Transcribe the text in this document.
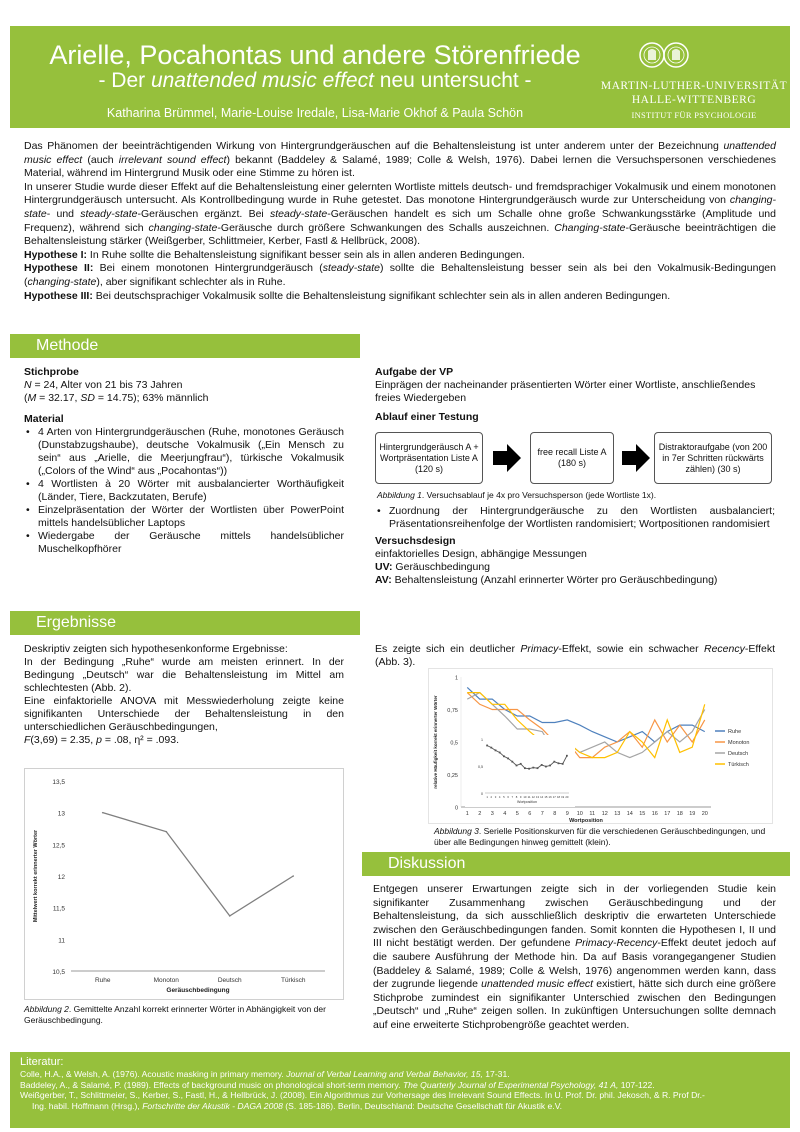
Arielle, Pocahontas und andere Störenfriede
- Der unattended music effect neu untersucht -
Katharina Brümmel, Marie-Louise Iredale, Lisa-Marie Okhof & Paula Schön
MARTIN-LUTHER-UNIVERSITÄT
HALLE-WITTENBERG
INSTITUT FÜR PSYCHOLOGIE

Das Phänomen der beeinträchtigenden Wirkung von Hintergrundgeräuschen auf die Behaltensleistung ist unter anderem unter der Bezeichnung unattended music effect (auch irrelevant sound effect) bekannt (Baddeley & Salamé, 1989; Colle & Welsh, 1976). Dabei lernen die Versuchspersonen verschiedenes Material, während im Hintergrund Musik oder eine Stimme zu hören ist.

In unserer Studie wurde dieser Effekt auf die Behaltensleistung einer gelernten Wortliste mittels deutsch- und fremdsprachiger Vokalmusik und einem monotonen Hintergrundgeräusch untersucht. Als Kontrollbedingung wurde in Ruhe getestet. Das monotone Hintergrundgeräusch wurde zur Unterscheidung von changing-state- und steady-state-Geräuschen ergänzt. Bei steady-state-Geräuschen handelt es sich um Schalle ohne große Schwankungsstärke (Amplitude und Frequenz), während sich changing-state-Geräusche durch größere Schwankungen des Schalls auszeichnen. Changing-state-Geräusche beeinträchtigen die Behaltensleistung stärker (Weißgerber, Schlittmeier, Kerber, Fastl & Hellbrück, 2008).

Hypothese I: In Ruhe sollte die Behaltensleistung signifikant besser sein als in allen anderen Bedingungen.

Hypothese II: Bei einem monotonen Hintergrundgeräusch (steady-state) sollte die Behaltensleistung besser sein als bei den Vokalmusik-Bedingungen (changing-state), aber signifikant schlechter als in Ruhe.

Hypothese III: Bei deutschsprachiger Vokalmusik sollte die Behaltensleistung signifikant schlechter sein als in allen anderen Bedingungen.

Methode
Stichprobe
N = 24, Alter von 21 bis 73 Jahren
(M = 32.17, SD = 14.75); 63% männlich
Material
• 4 Arten von Hintergrundgeräuschen (Ruhe, monotones Geräusch (Dunstabzugshaube), deutsche Vokalmusik („Ein Mensch zu sein“ aus „Arielle, die Meerjungfrau“), türkische Vokalmusik („Colors of the Wind“ aus „Pocahontas“))
• 4 Wortlisten à 20 Wörter mit ausbalancierter Worthäufigkeit (Länder, Tiere, Backzutaten, Berufe)
• Einzelpräsentation der Wörter der Wortlisten über PowerPoint mittels handelsüblicher Laptops
• Wiedergabe der Geräusche mittels handelsüblicher Muschelkopfhörer
Aufgabe der VP
Einprägen der nacheinander präsentierten Wörter einer Wortliste, anschließendes freies Wiedergeben
Ablauf einer Testung
Hintergrundgeräusch A + Wortpräsentation Liste A (120 s)
free recall Liste A (180 s)
Distraktoraufgabe (von 200 in 7er Schritten rückwärts zählen) (30 s)
Abbildung 1. Versuchsablauf je 4x pro Versuchsperson (jede Wortliste 1x).
• Zuordnung der Hintergrundgeräusche zu den Wortlisten ausbalanciert; Präsentationsreihenfolge der Wortlisten randomisiert; Wortpositionen randomisiert
Versuchsdesign
einfaktorielles Design, abhängige Messungen
UV: Geräuschbedingung
AV: Behaltensleistung (Anzahl erinnerter Wörter pro Geräuschbedingung)
Ergebnisse
Deskriptiv zeigten sich hypothesenkonforme Ergebnisse:
In der Bedingung „Ruhe“ wurde am meisten erinnert. In der Bedingung „Deutsch“ war die Behaltensleistung im Mittel am schlechtesten (Abb. 2).
Eine einfaktorielle ANOVA mit Messwiederholung zeigte keine signifikanten Unterschiede der Behaltensleistung in den unterschiedlichen Geräuschbedingungen,
F(3,69) = 2.35, p = .08, η² = .093.
Es zeigte sich ein deutlicher Primacy-Effekt, sowie ein schwacher Recency-Effekt (Abb. 3).
10,5
11
11,5
12
12,5
13
13,5
Ruhe	Monoton	Deutsch	Türkisch
Geräuschbedingung
Mittelwert korrekt erinnerter Wörter
Abbildung 2. Gemittelte Anzahl korrekt erinnerter Wörter in Abhängigkeit von der Geräuschbedingung.
0
0,25
0,5
0,75
1
1 2 3 4 5 6 7 8 9 10 11 12 13 14 15 16 17 18 19 20
Wortposition
relative Häufigkeit korrekt erinnerter Wörter	Ruhe
Monoton
Deutsch
Türkisch
0
0,5
1
1 2 3 4 5 6 7 8 9 10 11 12 13 14 15 16 17 18 19 20
Wortposition
Abbildung 3. Serielle Positionskurven für die verschiedenen Geräuschbedingungen, und über alle Bedingungen hinweg gemittelt (klein).
Diskussion
Entgegen unserer Erwartungen zeigte sich in der vorliegenden Studie kein signifikanter Zusammenhang zwischen Geräuschbedingung und der Behaltensleistung, da sich ausschließlich deskriptiv die erwarteten Unterschiede zwischen den Geräuschbedingungen fanden. Somit konnten die Hypothesen I, II und III nicht bestätigt werden. Der gefundene Primacy-Recency-Effekt deutet jedoch auf die saubere Ausführung der Methode hin. Da auf Basis vorangegangener Studien (Baddeley & Salamé, 1989; Colle & Welsh, 1976) angenommen werden kann, dass der zugrunde liegende unattended music effect existiert, hätte sich durch eine größere Stichprobe zumindest ein signifikanter Unterschied zwischen den Bedingungen „Deutsch“ und „Ruhe“ zeigen sollen. In zukünftigen Untersuchungen sollte demnach auf eine erweiterte Stichprobengröße geachtet werden.
Literatur:
Colle, H.A., & Welsh, A. (1976). Acoustic masking in primary memory. Journal of Verbal Learning and Verbal Behavior, 15, 17-31.
Baddeley, A., & Salamé, P. (1989). Effects of background music on phonological short-term memory. The Quarterly Journal of Experimental Psychology, 41 A, 107-122.
Weißgerber, T., Schlittmeier, S., Kerber, S., Fastl, H., & Hellbrück, J. (2008). Ein Algorithmus zur Vorhersage des Irrelevant Sound Effects. In U. Prof. Dr. phil. Jekosch, & R. Prof Dr.-
Ing. habil. Hoffmann (Hrsg.), Fortschritte der Akustik - DAGA 2008 (S. 185-186). Berlin, Deutschland: Deutsche Gesellschaft für Akustik e.V.
